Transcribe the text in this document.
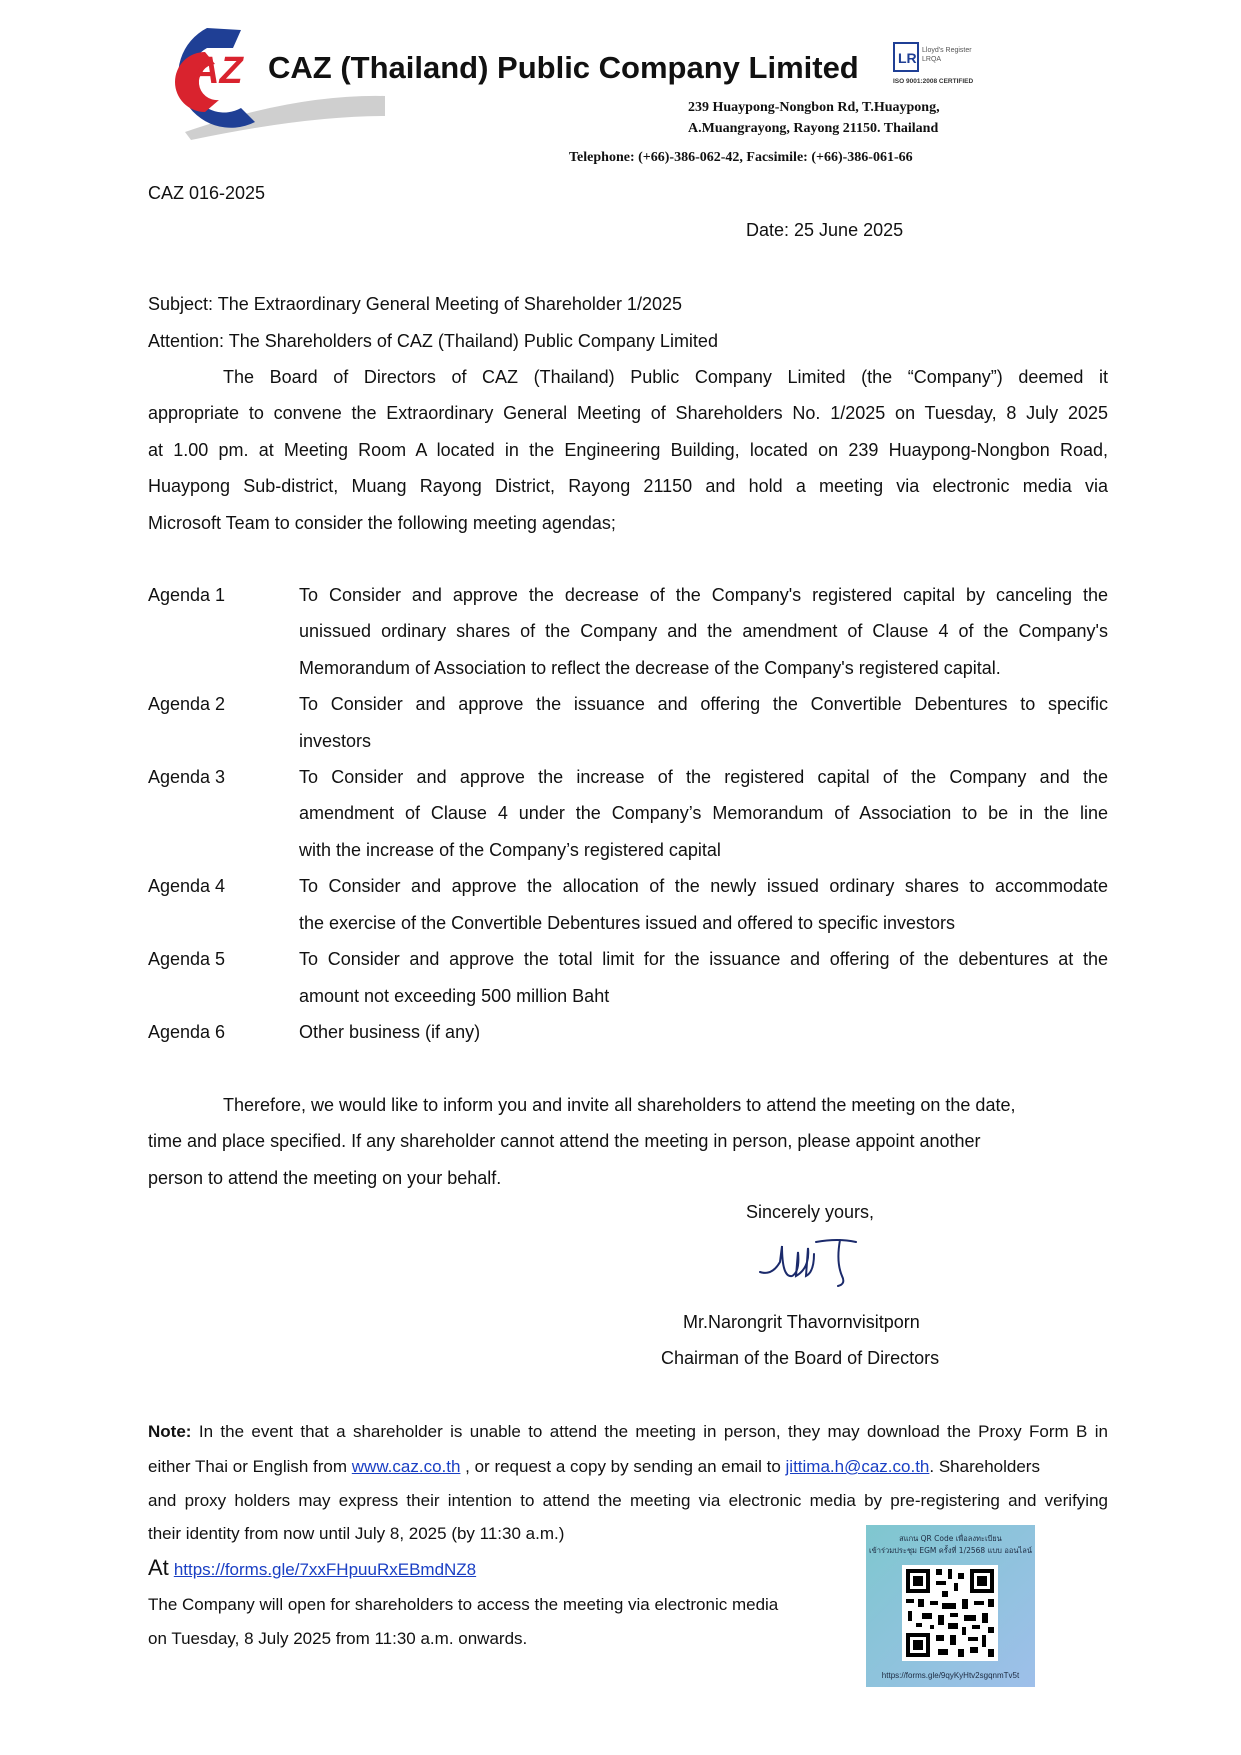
AZ CAZ (Thailand) Public Company Limited	LR Lloyd's Register LRQA
ISO 9001:2008 CERTIFIED
239 Huaypong-Nongbon Rd, T.Huaypong,
A.Muangrayong, Rayong 21150. Thailand
Telephone: (+66)-386-062-42, Facsimile: (+66)-386-061-66
CAZ 016-2025
Date: 25 June 2025
Subject: The Extraordinary General Meeting of Shareholder 1/2025
Attention: The Shareholders of CAZ (Thailand) Public Company Limited
The Board of Directors of CAZ (Thailand) Public Company Limited (the “Company”) deemed it
appropriate to convene the Extraordinary General Meeting of Shareholders No. 1/2025 on Tuesday, 8 July 2025
at 1.00 pm. at Meeting Room A located in the Engineering Building, located on 239 Huaypong-Nongbon Road,
Huaypong Sub-district, Muang Rayong District, Rayong 21150 and hold a meeting via electronic media via
Microsoft Team to consider the following meeting agendas;
Agenda 1	To Consider and approve the decrease of the Company's registered capital by canceling the
unissued ordinary shares of the Company and the amendment of Clause 4 of the Company's
Memorandum of Association to reflect the decrease of the Company's registered capital.
Agenda 2	To Consider and approve the issuance and offering the Convertible Debentures to specific
investors
Agenda 3	To Consider and approve the increase of the registered capital of the Company and the
amendment of Clause 4 under the Company’s Memorandum of Association to be in the line
with the increase of the Company’s registered capital
Agenda 4	To Consider and approve the allocation of the newly issued ordinary shares to accommodate
the exercise of the Convertible Debentures issued and offered to specific investors
Agenda 5	To Consider and approve the total limit for the issuance and offering of the debentures at the
amount not exceeding 500 million Baht
Agenda 6	Other business (if any)
Therefore, we would like to inform you and invite all shareholders to attend the meeting on the date,
time and place specified. If any shareholder cannot attend the meeting in person, please appoint another
person to attend the meeting on your behalf.
Sincerely yours,
Mr.Narongrit Thavornvisitporn
Chairman of the Board of Directors
Note: In the event that a shareholder is unable to attend the meeting in person, they may download the Proxy Form B in
either Thai or English from www.caz.co.th , or request a copy by sending an email to jittima.h@caz.co.th. Shareholders
and proxy holders may express their intention to attend the meeting via electronic media by pre-registering and verifying
their identity from now until July 8, 2025 (by 11:30 a.m.)
At https://forms.gle/7xxFHpuuRxEBmdNZ8
The Company will open for shareholders to access the meeting via electronic media
on Tuesday, 8 July 2025 from 11:30 a.m. onwards.
สแกน QR Code เพื่อลงทะเบียน
เข้าร่วมประชุม EGM ครั้งที่ 1/2568 แบบ ออนไลน์
https://forms.gle/9qyKyHtv2sgqnmTv5t
